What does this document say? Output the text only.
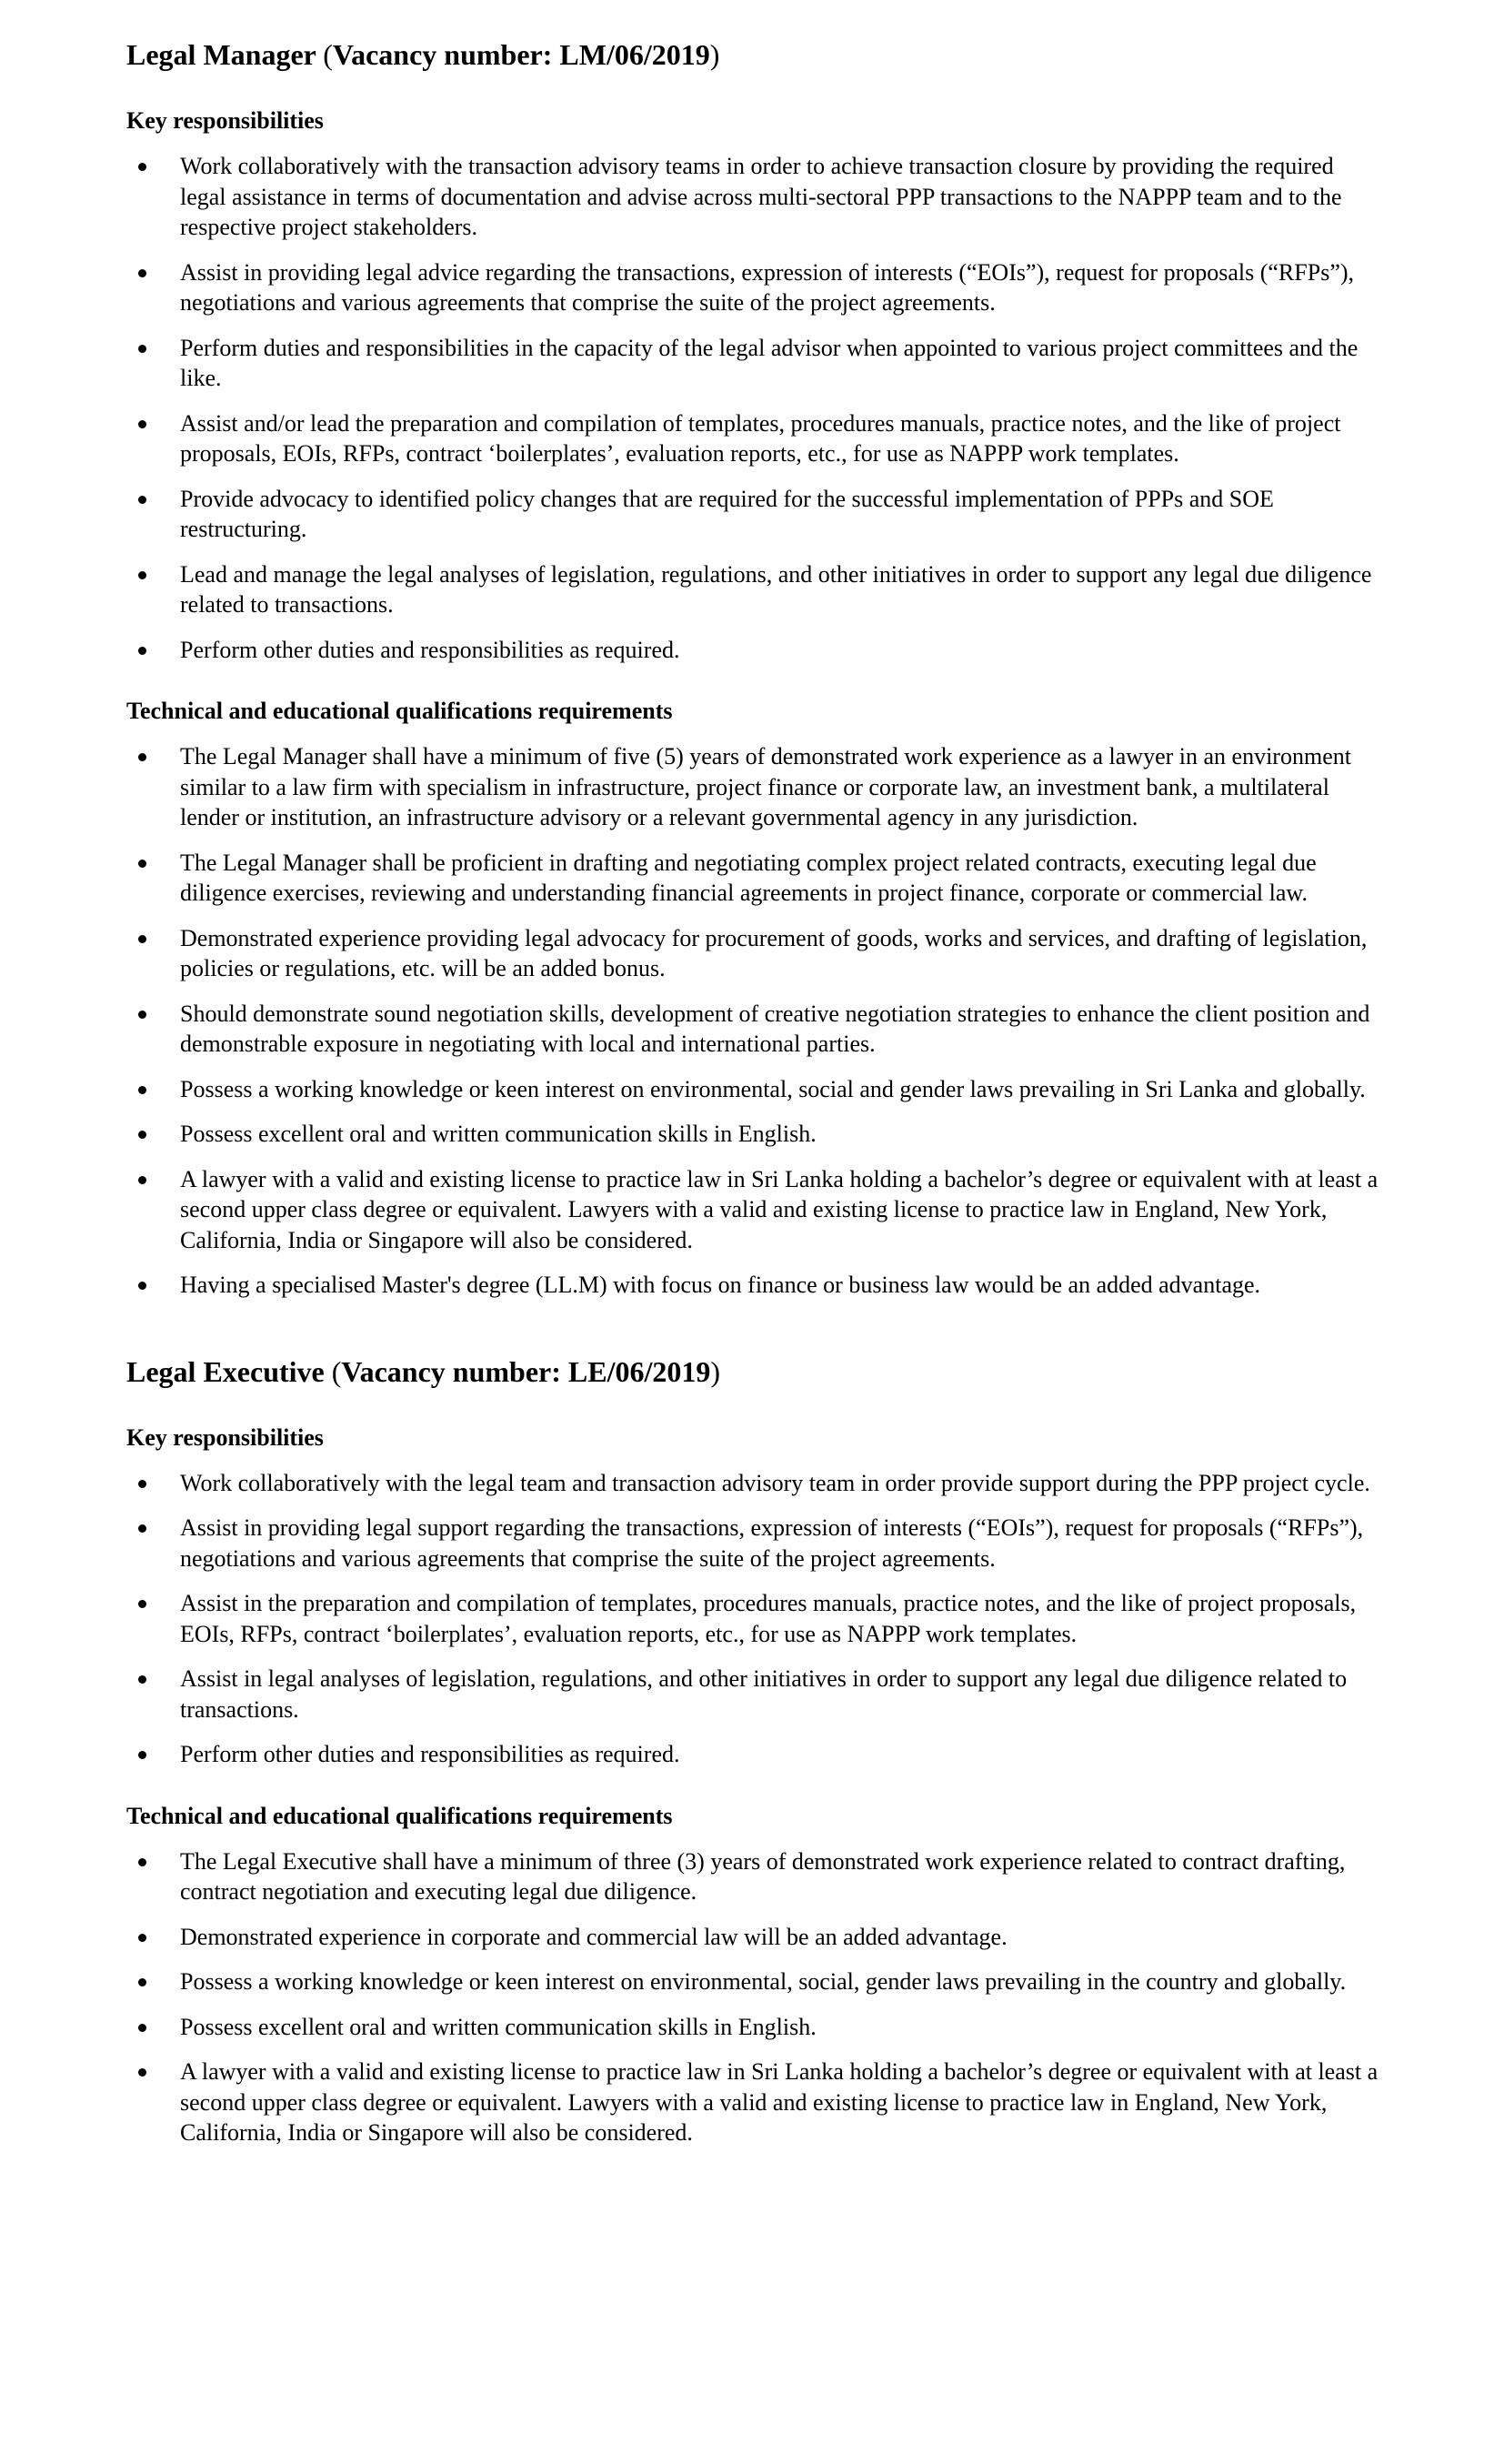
Legal Manager (Vacancy number: LM/06/2019)
Key responsibilities
Work collaboratively with the transaction advisory teams in order to achieve transaction closure by providing the required legal assistance in terms of documentation and advise across multi-sectoral PPP transactions to the NAPPP team and to the respective project stakeholders.
Assist in providing legal advice regarding the transactions, expression of interests (“EOIs”), request for proposals (“RFPs”), negotiations and various agreements that comprise the suite of the project agreements.
Perform duties and responsibilities in the capacity of the legal advisor when appointed to various project committees and the like.
Assist and/or lead the preparation and compilation of templates, procedures manuals, practice notes, and the like of project proposals, EOIs, RFPs, contract ‘boilerplates’, evaluation reports, etc., for use as NAPPP work templates.
Provide advocacy to identified policy changes that are required for the successful implementation of PPPs and SOE restructuring.
Lead and manage the legal analyses of legislation, regulations, and other initiatives in order to support any legal due diligence related to transactions.
Perform other duties and responsibilities as required.
Technical and educational qualifications requirements
The Legal Manager shall have a minimum of five (5) years of demonstrated work experience as a lawyer in an environment similar to a law firm with specialism in infrastructure, project finance or corporate law, an investment bank, a multilateral lender or institution, an infrastructure advisory or a relevant governmental agency in any jurisdiction.
The Legal Manager shall be proficient in drafting and negotiating complex project related contracts, executing legal due diligence exercises, reviewing and understanding financial agreements in project finance, corporate or commercial law.
Demonstrated experience providing legal advocacy for procurement of goods, works and services, and drafting of legislation, policies or regulations, etc. will be an added bonus.
Should demonstrate sound negotiation skills, development of creative negotiation strategies to enhance the client position and demonstrable exposure in negotiating with local and international parties.
Possess a working knowledge or keen interest on environmental, social and gender laws prevailing in Sri Lanka and globally.
Possess excellent oral and written communication skills in English.
A lawyer with a valid and existing license to practice law in Sri Lanka holding a bachelor’s degree or equivalent with at least a second upper class degree or equivalent. Lawyers with a valid and existing license to practice law in England, New York, California, India or Singapore will also be considered.
Having a specialised Master's degree (LL.M) with focus on finance or business law would be an added advantage.
Legal Executive (Vacancy number: LE/06/2019)
Key responsibilities
Work collaboratively with the legal team and transaction advisory team in order provide support during the PPP project cycle.
Assist in providing legal support regarding the transactions, expression of interests (“EOIs”), request for proposals (“RFPs”), negotiations and various agreements that comprise the suite of the project agreements.
Assist in the preparation and compilation of templates, procedures manuals, practice notes, and the like of project proposals, EOIs, RFPs, contract ‘boilerplates’, evaluation reports, etc., for use as NAPPP work templates.
Assist in legal analyses of legislation, regulations, and other initiatives in order to support any legal due diligence related to transactions.
Perform other duties and responsibilities as required.
Technical and educational qualifications requirements
The Legal Executive shall have a minimum of three (3) years of demonstrated work experience related to contract drafting, contract negotiation and executing legal due diligence.
Demonstrated experience in corporate and commercial law will be an added advantage.
Possess a working knowledge or keen interest on environmental, social, gender laws prevailing in the country and globally.
Possess excellent oral and written communication skills in English.
A lawyer with a valid and existing license to practice law in Sri Lanka holding a bachelor’s degree or equivalent with at least a second upper class degree or equivalent. Lawyers with a valid and existing license to practice law in England, New York, California, India or Singapore will also be considered.
